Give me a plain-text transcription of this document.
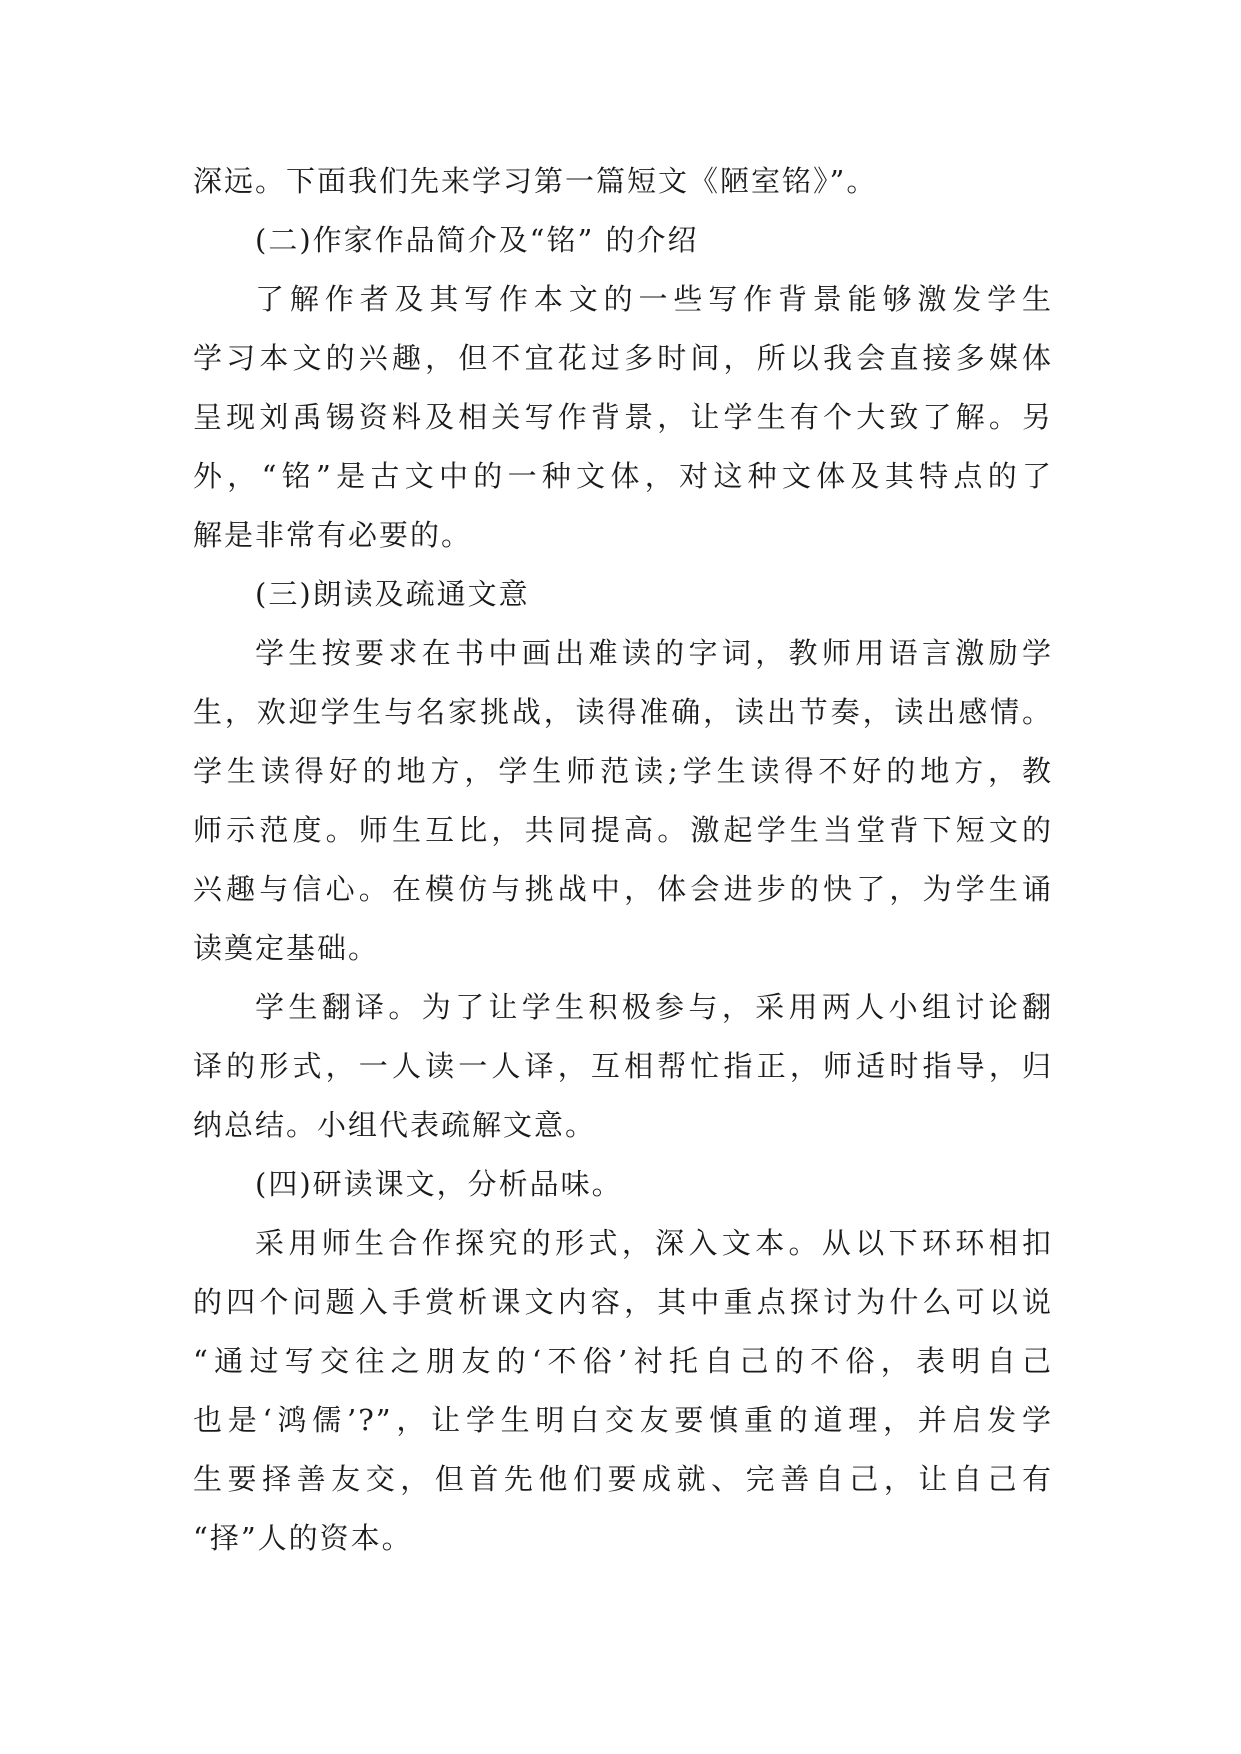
深远。下面我们先来学习第一篇短文《陋室铭》”。
(二)作家作品简介及“铭” 的介绍
了解作者及其写作本文的一些写作背景能够激发学生
学习本文的兴趣，但不宜花过多时间，所以我会直接多媒体
呈现刘禹锡资料及相关写作背景，让学生有个大致了解。另
外，“铭”是古文中的一种文体，对这种文体及其特点的了
解是非常有必要的。
(三)朗读及疏通文意
学生按要求在书中画出难读的字词，教师用语言激励学
生，欢迎学生与名家挑战，读得准确，读出节奏，读出感情。
学生读得好的地方，学生师范读;学生读得不好的地方，教
师示范度。师生互比，共同提高。激起学生当堂背下短文的
兴趣与信心。在模仿与挑战中，体会进步的快了，为学生诵
读奠定基础。
学生翻译。为了让学生积极参与，采用两人小组讨论翻
译的形式，一人读一人译，互相帮忙指正，师适时指导，归
纳总结。小组代表疏解文意。
(四)研读课文，分析品味。
采用师生合作探究的形式，深入文本。从以下环环相扣
的四个问题入手赏析课文内容，其中重点探讨为什么可以说
“通过写交往之朋友的‘不俗’衬托自己的不俗，表明自己
也是‘鸿儒’?”，让学生明白交友要慎重的道理，并启发学
生要择善友交，但首先他们要成就、完善自己，让自己有
“择”人的资本。
